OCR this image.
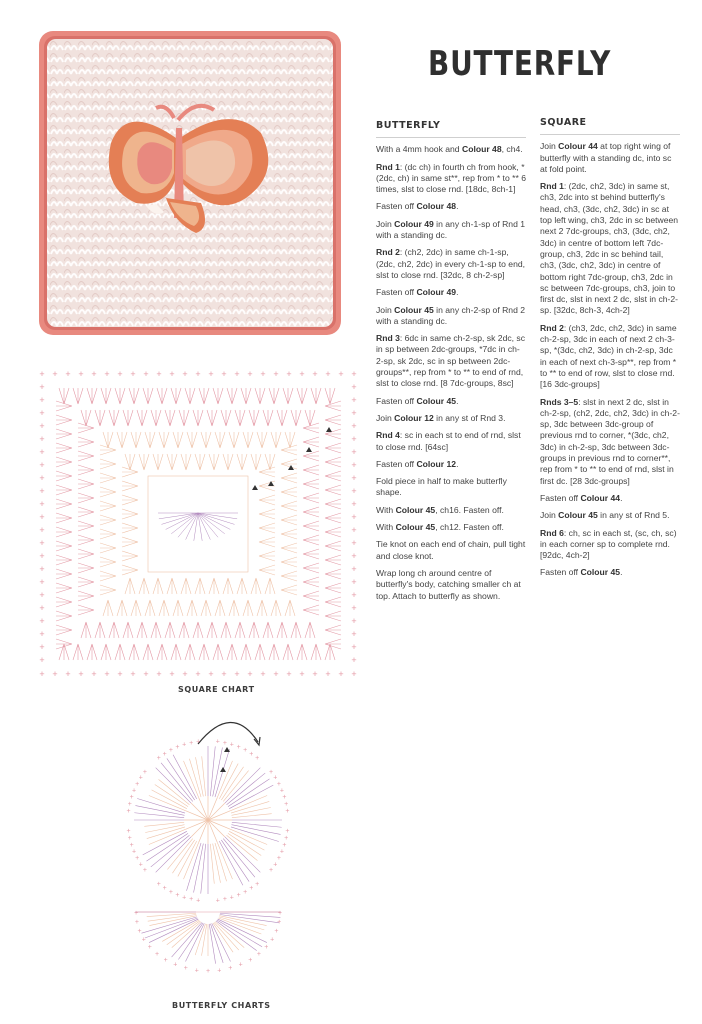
BUTTERFLY
BUTTERFLY

With a 4mm hook and Colour 48, ch4.

Rnd 1: (dc ch) in fourth ch from hook, *(2dc, ch) in same st**, rep from * to ** 6 times, slst to close rnd. [18dc, 8ch-1]

Fasten off Colour 48.

Join Colour 49 in any ch-1-sp of Rnd 1 with a standing dc.

Rnd 2: (ch2, 2dc) in same ch-1-sp, (2dc, ch2, 2dc) in every ch-1-sp to end, slst to close rnd. [32dc, 8 ch-2-sp]

Fasten off Colour 49.

Join Colour 45 in any ch-2-sp of Rnd 2 with a standing dc.

Rnd 3: 6dc in same ch-2-sp, sk 2dc, sc in sp between 2dc-groups, *7dc in ch-2-sp, sk 2dc, sc in sp between 2dc-groups**, rep from * to ** to end of rnd, slst to close rnd. [8 7dc-groups, 8sc]

Fasten off Colour 45.

Join Colour 12 in any st of Rnd 3.

Rnd 4: sc in each st to end of rnd, slst to close rnd. [64sc]

Fasten off Colour 12.

Fold piece in half to make butterfly shape.

With Colour 45, ch16. Fasten off.

With Colour 45, ch12. Fasten off.

Tie knot on each end of chain, pull tight and close knot.

Wrap long ch around centre of butterfly's body, catching smaller ch at top. Attach to butterfly as shown.

SQUARE

Join Colour 44 at top right wing of butterfly with a standing dc, into sc at fold point.

Rnd 1: (2dc, ch2, 3dc) in same st, ch3, 2dc into st behind butterfly's head, ch3, (3dc, ch2, 3dc) in sc at top left wing, ch3, 2dc in sc between next 2 7dc-groups, ch3, (3dc, ch2, 3dc) in centre of bottom left 7dc-group, ch3, 2dc in sc behind tail, ch3, (3dc, ch2, 3dc) in centre of bottom right 7dc-group, ch3, 2dc in sc between 7dc-groups, ch3, join to first dc, slst in next 2 dc, slst in ch-2-sp. [32dc, 8ch-3, 4ch-2]

Rnd 2: (ch3, 2dc, ch2, 3dc) in same ch-2-sp, 3dc in each of next 2 ch-3-sp, *(3dc, ch2, 3dc) in ch-2-sp, 3dc in each of next ch-3-sp**, rep from * to ** to end of row, slst to close rnd. [16 3dc-groups]

Rnds 3–5: slst in next 2 dc, slst in ch-2-sp, (ch2, 2dc, ch2, 3dc) in ch-2-sp, 3dc between 3dc-group of previous rnd to corner, *(3dc, ch2, 3dc) in ch-2-sp, 3dc between 3dc-groups in previous rnd to corner**, rep from * to ** to end of rnd, slst in first dc. [28 3dc-groups]

Fasten off Colour 44.

Join Colour 45 in any st of Rnd 5.

Rnd 6: ch, sc in each st, (sc, ch, sc) in each corner sp to complete rnd. [92dc, 4ch-2]

Fasten off Colour 45.

+
+
+
+
+
+
+
+
+
+
+
+
+
+
+
+
+
+
+
+
+
+
+
+
+
+
+
+
+
+
+
+
+
+
+
+
+
+
+
+
+
+
+
+
+
+
+
+
+
+
+	+
+	+
+	+
+	+
+	+
+	+
+	+
+	+
+	+
+	+
+	+
+	+
+	+
+	+
+	+
+	+
+	+
+	+
+	+
+	+
+	+
+	+
SQUARE CHART
+
+
+
+
+
+
+
+
+
+
+
+
+
+
+
+
+
+
+
+
+
+
+
+
+
+
+
+
+
+
+
+
+
+
+
+
+
+ + + + + + + + + +
+
+
+
+
+
+
+
+
+
+
+
+
+
+
+
+
+
+
+
+
+
+
+
+
+
+
+
+
+
+
BUTTERFLY CHARTS
